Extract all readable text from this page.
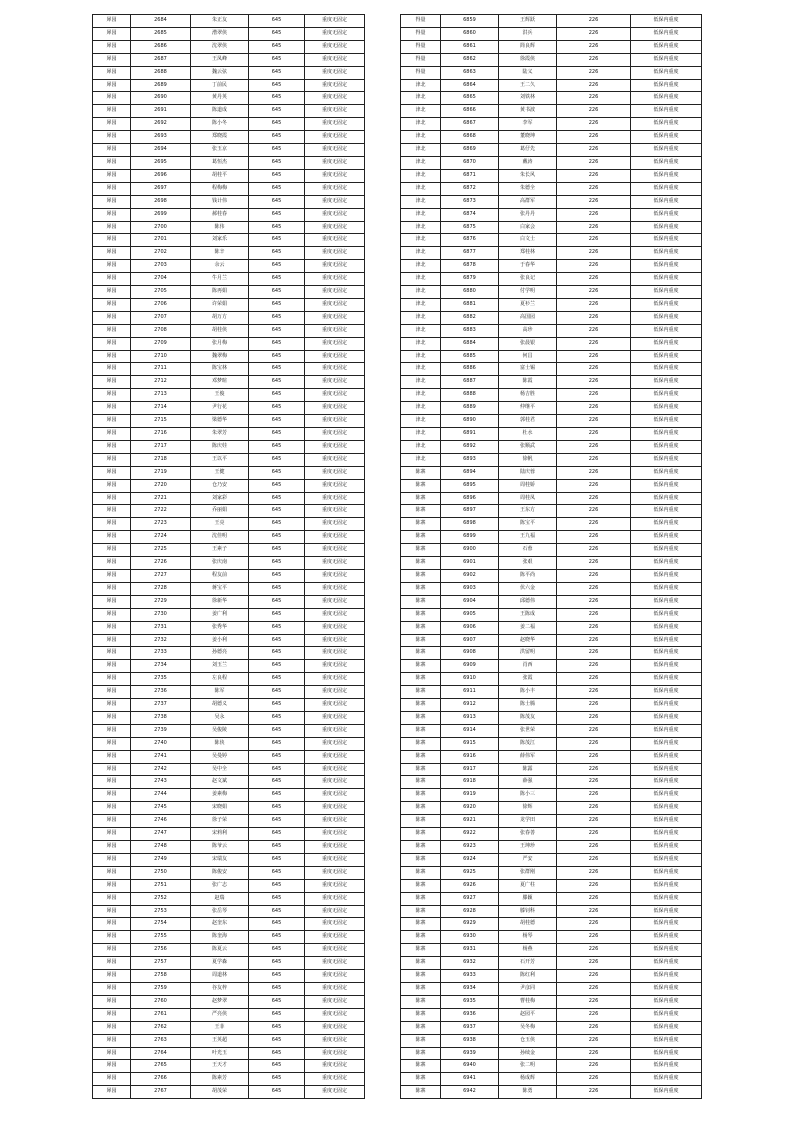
犀园	2684	朱正友	645	重度无固定
犀园	2685	漕翠侠	645	重度无固定
犀园	2686	沈翠侠	645	重度无固定
犀园	2687	王凤峰	645	重度无固定
犀园	2688	魏云弦	645	重度无固定
犀园	2689	丁前民	645	重度无固定
犀园	2690	黄丹英	645	重度无固定
犀园	2691	陈道成	645	重度无固定
犀园	2692	陈小冬	645	重度无固定
犀园	2693	郑晓霞	645	重度无固定
犀园	2694	张玉京	645	重度无固定
犀园	2695	葛恒杰	645	重度无固定
犀园	2696	胡桂平	645	重度无固定
犀园	2697	程梅梅	645	重度无固定
犀园	2698	钱计伟	645	重度无固定
犀园	2699	郝桂春	645	重度无固定
犀园	2700	陈伟	645	重度无固定
犀园	2701	刘家乐	645	重度无固定
犀园	2702	陈辛	645	重度无固定
犀园	2703	余云	645	重度无固定
犀园	2704	牛月兰	645	重度无固定
犀园	2705	陈再娟	645	重度无固定
犀园	2706	许荣娟	645	重度无固定
犀园	2707	胡万方	645	重度无固定
犀园	2708	胡桂侠	645	重度无固定
犀园	2709	张月梅	645	重度无固定
犀园	2710	魏翠梅	645	重度无固定
犀园	2711	陈宝林	645	重度无固定
犀园	2712	邓梦暄	645	重度无固定
犀园	2713	王俊	645	重度无固定
犀园	2714	尹行花	645	重度无固定
犀园	2715	梁德华	645	重度无固定
犀园	2716	朱翠芳	645	重度无固定
犀园	2717	陈庆娃	645	重度无固定
犀园	2718	王以平	645	重度无固定
犀园	2719	王健	645	重度无固定
犀园	2720	仓乃安	645	重度无固定
犀园	2721	刘家彩	645	重度无固定
犀园	2722	乔丽娟	645	重度无固定
犀园	2723	王亮	645	重度无固定
犀园	2724	沈佳明	645	重度无固定
犀园	2725	王素子	645	重度无固定
犀园	2726	张庆南	645	重度无固定
犀园	2727	程友前	645	重度无固定
犀园	2728	蒋宝平	645	重度无固定
犀园	2729	徐新华	645	重度无固定
犀园	2730	姜广利	645	重度无固定
犀园	2731	张秀华	645	重度无固定
犀园	2732	姜小利	645	重度无固定
犀园	2733	孙德亮	645	重度无固定
犀园	2734	刘玉兰	645	重度无固定
犀园	2735	左良程	645	重度无固定
犀园	2736	陈军	645	重度无固定
犀园	2737	胡德义	645	重度无固定
犀园	2738	吴永	645	重度无固定
犀园	2739	吴俊陵	645	重度无固定
犀园	2740	陈侠	645	重度无固定
犀园	2741	吴曼婷	645	重度无固定
犀园	2742	吴中全	645	重度无固定
犀园	2743	赵文斌	645	重度无固定
犀园	2744	姜素梅	645	重度无固定
犀园	2745	宋晓娟	645	重度无固定
犀园	2746	徐子荣	645	重度无固定
犀园	2747	宋莉利	645	重度无固定
犀园	2748	陈爷云	645	重度无固定
犀园	2749	宋瑞友	645	重度无固定
犀园	2750	陈俊安	645	重度无固定
犀园	2751	张广志	645	重度无固定
犀园	2752	赵瑞	645	重度无固定
犀园	2753	张岳琴	645	重度无固定
犀园	2754	赵奎东	645	重度无固定
犀园	2755	陈奎海	645	重度无固定
犀园	2756	陈夏云	645	重度无固定
犀园	2757	夏学森	645	重度无固定
犀园	2758	周道林	645	重度无固定
犀园	2759	谷友梓	645	重度无固定
犀园	2760	赵梦翠	645	重度无固定
犀园	2761	严亮侠	645	重度无固定
犀园	2762	王菲	645	重度无固定
犀园	2763	王英超	645	重度无固定
犀园	2764	叶光玉	645	重度无固定
犀园	2765	王天才	645	重度无固定
犀园	2766	陈素芳	645	重度无固定
犀园	2767	胡茂荣	645	重度无固定
得量	6859	王辉跃	226	低保内重度
得量	6860	洪兵	226	低保内重度
得量	6861	简良辉	226	低保内重度
得量	6862	徐霞侠	226	低保内重度
得量	6863	陆义	226	低保内重度
津北	6864	王二久	226	低保内重度
津北	6865	刘铁林	226	低保内重度
津北	6866	黄书波	226	低保内重度
津北	6867	李军	226	低保内重度
津北	6868	董晓坤	226	低保内重度
津北	6869	葛仔先	226	低保内重度
津北	6870	戴涛	226	低保内重度
津北	6871	朱长风	226	低保内重度
津北	6872	朱德全	226	低保内重度
津北	6873	高群军	226	低保内重度
津北	6874	张丹丹	226	低保内重度
津北	6875	白家会	226	低保内重度
津北	6876	白文士	226	低保内重度
津北	6877	郑桂林	226	低保内重度
津北	6878	于春华	226	低保内重度
津北	6879	张良记	226	低保内重度
津北	6880	付学明	226	低保内重度
津北	6881	夏衫兰	226	低保内重度
津北	6882	高国园	226	低保内重度
津北	6883	高珍	226	低保内重度
津北	6884	张晨银	226	低保内重度
津北	6885	何昌	226	低保内重度
津北	6886	富士锡	226	低保内重度
津北	6887	陈霞	226	低保内重度
津北	6888	杨吉胜	226	低保内重度
津北	6889	仲继平	226	低保内重度
津北	6890	郭桂君	226	低保内重度
津北	6891	杜水	226	低保内重度
津北	6892	张顺武	226	低保内重度
津北	6893	徐帆	226	低保内重度
陈寨	6894	陆庆蓉	226	低保内重度
陈寨	6895	周桂娇	226	低保内重度
陈寨	6896	周桂凤	226	低保内重度
陈寨	6897	王东方	226	低保内重度
陈寨	6898	陈宝平	226	低保内重度
陈寨	6899	王九福	226	低保内重度
陈寨	6900	石蓉	226	低保内重度
陈寨	6901	张艰	226	低保内重度
陈寨	6902	陈平尚	226	低保内重度
陈寨	6903	伏六金	226	低保内重度
陈寨	6904	邱德伟	226	低保内重度
陈寨	6905	王陈成	226	低保内重度
陈寨	6906	姜二福	226	低保内重度
陈寨	6907	赵晓华	226	低保内重度
陈寨	6908	洪留明	226	低保内重度
陈寨	6909	肖西	226	低保内重度
陈寨	6910	张霞	226	低保内重度
陈寨	6911	陈小丰	226	低保内重度
陈寨	6912	陈士腾	226	低保内重度
陈寨	6913	陈茂友	226	低保内重度
陈寨	6914	张世荣	226	低保内重度
陈寨	6915	陈茂江	226	低保内重度
陈寨	6916	薛伟军	226	低保内重度
陈寨	6917	陈露	226	低保内重度
陈寨	6918	薛强	226	低保内重度
陈寨	6919	陈小三	226	低保内重度
陈寨	6920	徐辉	226	低保内重度
陈寨	6921	龙学田	226	低保内重度
陈寨	6922	张春善	226	低保内重度
陈寨	6923	王坤珍	226	低保内重度
陈寨	6924	严安	226	低保内重度
陈寨	6925	张群刚	226	低保内重度
陈寨	6926	夏广柱	226	低保内重度
陈寨	6927	滕颖	226	低保内重度
陈寨	6928	滕钊科	226	低保内重度
陈寨	6929	胡桂德	226	低保内重度
陈寨	6930	杨琴	226	低保内重度
陈寨	6931	杨燕	226	低保内重度
陈寨	6932	石开芳	226	低保内重度
陈寨	6933	陈红利	226	低保内重度
陈寨	6934	尹彦同	226	低保内重度
陈寨	6935	曹桂梅	226	低保内重度
陈寨	6936	赵园平	226	低保内重度
陈寨	6937	吴冬梅	226	低保内重度
陈寨	6938	仓玉侠	226	低保内重度
陈寨	6939	孙续金	226	低保内重度
陈寨	6940	张二明	226	低保内重度
陈寨	6941	杨成辉	226	低保内重度
陈寨	6942	陈勇	226	低保内重度
